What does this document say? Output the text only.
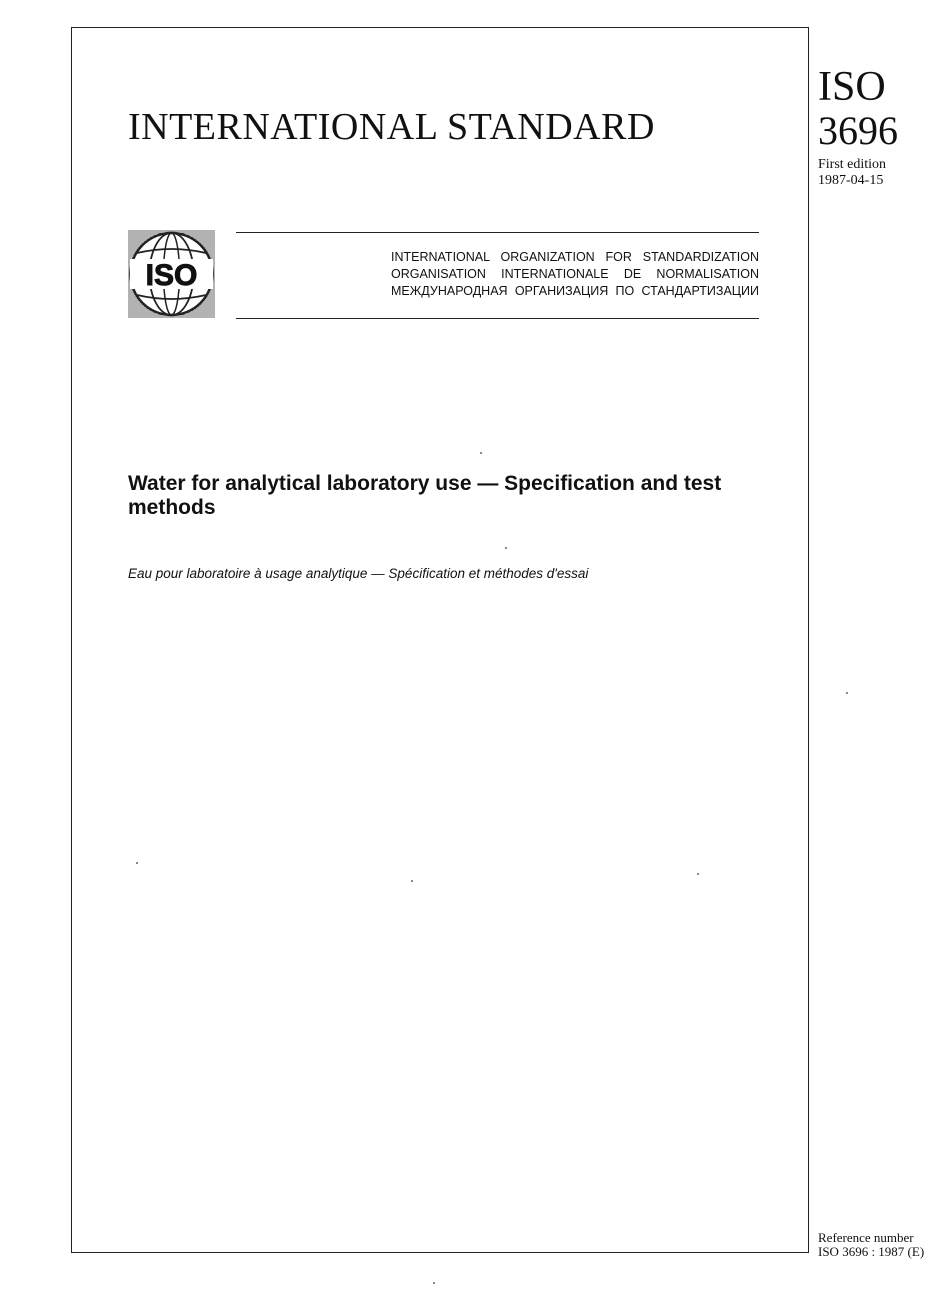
INTERNATIONAL STANDARD
ISO
3696
First edition
1987-04-15
ISO

INTERNATIONAL ORGANIZATION FOR STANDARDIZATION

ORGANISATION INTERNATIONALE DE NORMALISATION

МЕЖДУНАРОДНАЯ ОРГАНИЗАЦИЯ ПО СТАНДАРТИЗАЦИИ

Water for analytical laboratory use — Specification and test methods

Eau pour laboratoire à usage analytique — Spécification et méthodes d'essai

Reference number
ISO 3696 : 1987 (E)
